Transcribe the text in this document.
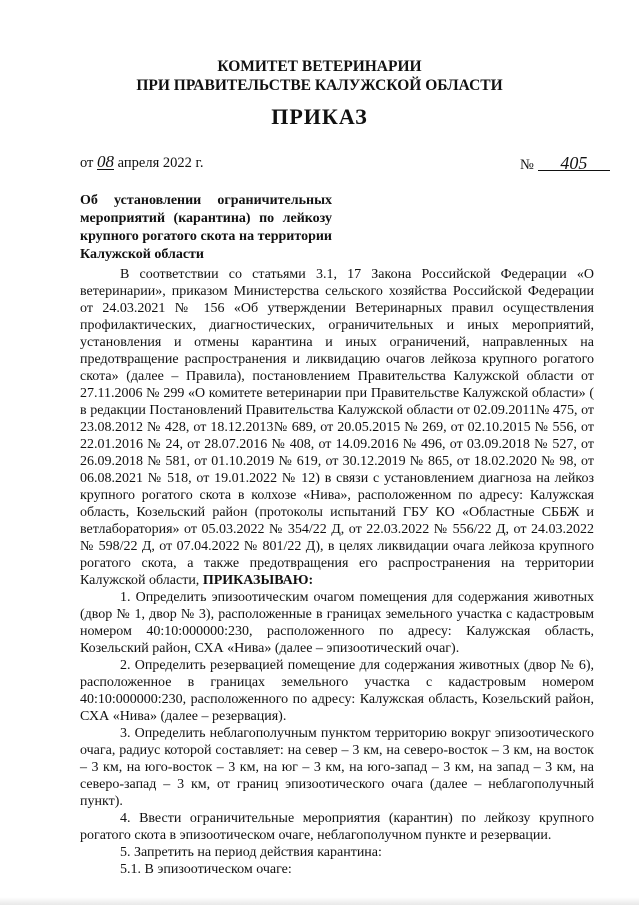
КОМИТЕТ ВЕТЕРИНАРИИ
ПРИ ПРАВИТЕЛЬСТВЕ КАЛУЖСКОЙ ОБЛАСТИ
ПРИКАЗ
от 08 апреля 2022 г.	№ 405
Об установлении ограничительных мероприятий (карантина) по лейкозу крупного рогатого скота на территории Калужской области

В соответствии со статьями 3.1, 17 Закона Российской Федерации «О ветеринарии», приказом Министерства сельского хозяйства Российской Федерации от 24.03.2021 № 156 «Об утверждении Ветеринарных правил осуществления профилактических, диагностических, ограничительных и иных мероприятий, установления и отмены карантина и иных ограничений, направленных на предотвращение распространения и ликвидацию очагов лейкоза крупного рогатого скота» (далее – Правила), постановлением Правительства Калужской области от 27.11.2006 № 299 «О комитете ветеринарии при Правительстве Калужской области» ( в редакции Постановлений Правительства Калужской области от 02.09.2011№ 475, от 23.08.2012 № 428, от 18.12.2013№ 689, от 20.05.2015 № 269, от 02.10.2015 № 556, от 22.01.2016 № 24, от 28.07.2016 № 408, от 14.09.2016 № 496, от 03.09.2018 № 527, от 26.09.2018 № 581, от 01.10.2019 № 619, от 30.12.2019 № 865, от 18.02.2020 № 98, от 06.08.2021 № 518, от 19.01.2022 № 12) в связи с установлением диагноза на лейкоз крупного рогатого скота в колхозе «Нива», расположенном по адресу: Калужская область, Козельский район (протоколы испытаний ГБУ КО «Областные СББЖ и ветлаборатория» от 05.03.2022 № 354/22 Д, от 22.03.2022 № 556/22 Д, от 24.03.2022 № 598/22 Д, от 07.04.2022 № 801/22 Д), в целях ликвидации очага лейкоза крупного рогатого скота, а также предотвращения его распространения на территории Калужской области, ПРИКАЗЫВАЮ:

1. Определить эпизоотическим очагом помещения для содержания животных (двор № 1, двор № 3), расположенные в границах земельного участка с кадастровым номером 40:10:000000:230, расположенного по адресу: Калужская область, Козельский район, СХА «Нива» (далее – эпизоотический очаг).

2. Определить резервацией помещение для содержания животных (двор № 6), расположенное в границах земельного участка с кадастровым номером 40:10:000000:230, расположенного по адресу: Калужская область, Козельский район, СХА «Нива» (далее – резервация).

3. Определить неблагополучным пунктом территорию вокруг эпизоотического очага, радиус которой составляет: на север – 3 км, на северо-восток – 3 км, на восток – 3 км, на юго-восток – 3 км, на юг – 3 км, на юго-запад – 3 км, на запад – 3 км, на северо-запад – 3 км, от границ эпизоотического очага (далее – неблагополучный пункт).

4. Ввести ограничительные мероприятия (карантин) по лейкозу крупного рогатого скота в эпизоотическом очаге, неблагополучном пункте и резервации.

5. Запретить на период действия карантина:

5.1. В эпизоотическом очаге:
